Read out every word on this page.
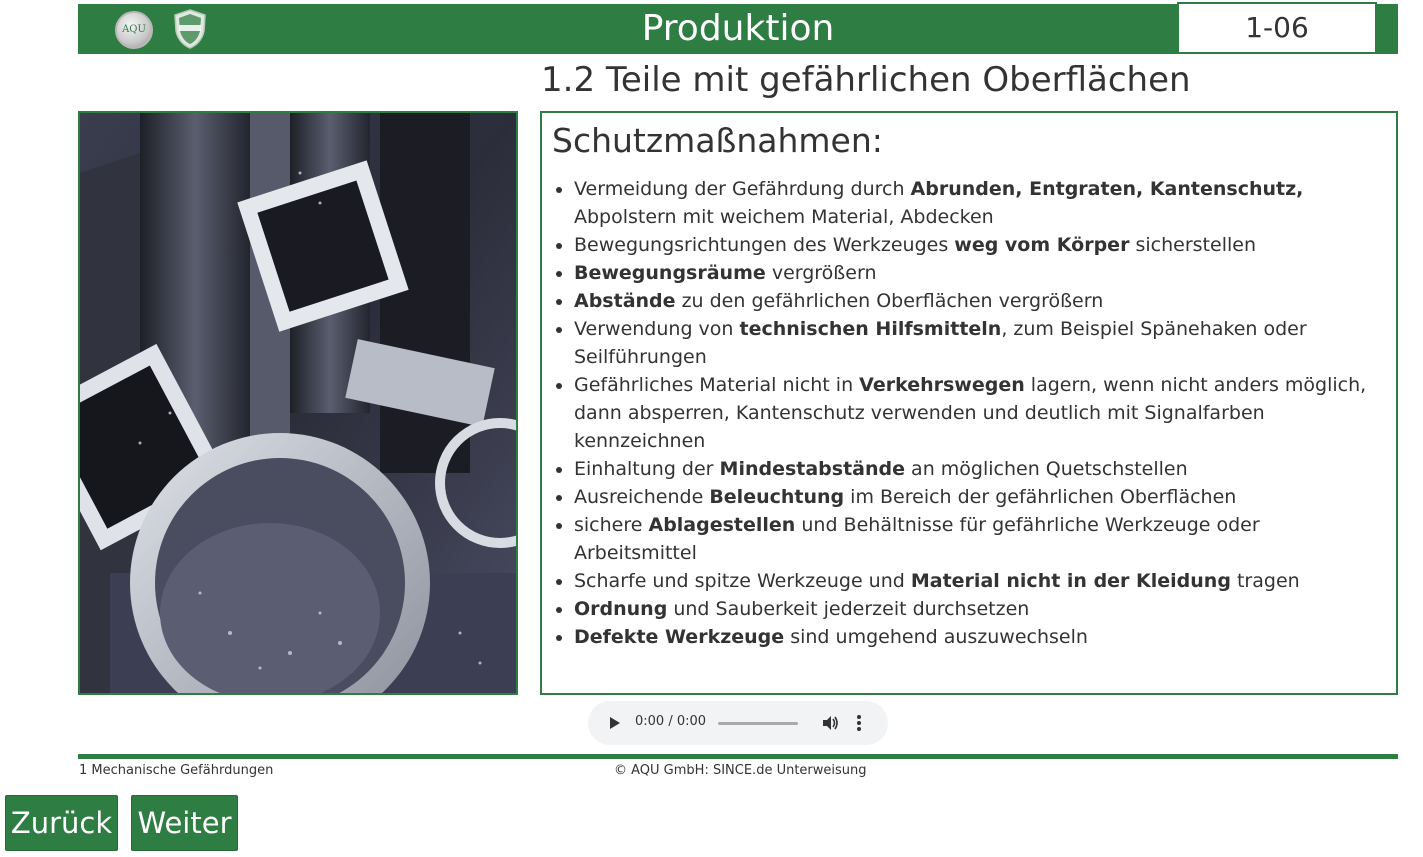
AQU	Produktion	1-06
1.2 Teile mit gefährlichen Oberflächen
Schutzmaßnahmen:
• Vermeidung der Gefährdung durch Abrunden, Entgraten, Kantenschutz, Abpolstern mit weichem Material, Abdecken
• Bewegungsrichtungen des Werkzeuges weg vom Körper sicherstellen
• Bewegungsräume vergrößern
• Abstände zu den gefährlichen Oberflächen vergrößern
• Verwendung von technischen Hilfsmitteln, zum Beispiel Spänehaken oder Seilführungen
• Gefährliches Material nicht in Verkehrswegen lagern, wenn nicht anders möglich, dann absperren, Kantenschutz verwenden und deutlich mit Signalfarben kennzeichnen
• Einhaltung der Mindestabstände an möglichen Quetschstellen
• Ausreichende Beleuchtung im Bereich der gefährlichen Oberflächen
• sichere Ablagestellen und Behältnisse für gefährliche Werkzeuge oder Arbeitsmittel
• Scharfe und spitze Werkzeuge und Material nicht in der Kleidung tragen
• Ordnung und Sauberkeit jederzeit durchsetzen
• Defekte Werkzeuge sind umgehend auszuwechseln
0:00 / 0:00
1 Mechanische Gefährdungen	© AQU GmbH: SINCE.de Unterweisung
Zurück Weiter
